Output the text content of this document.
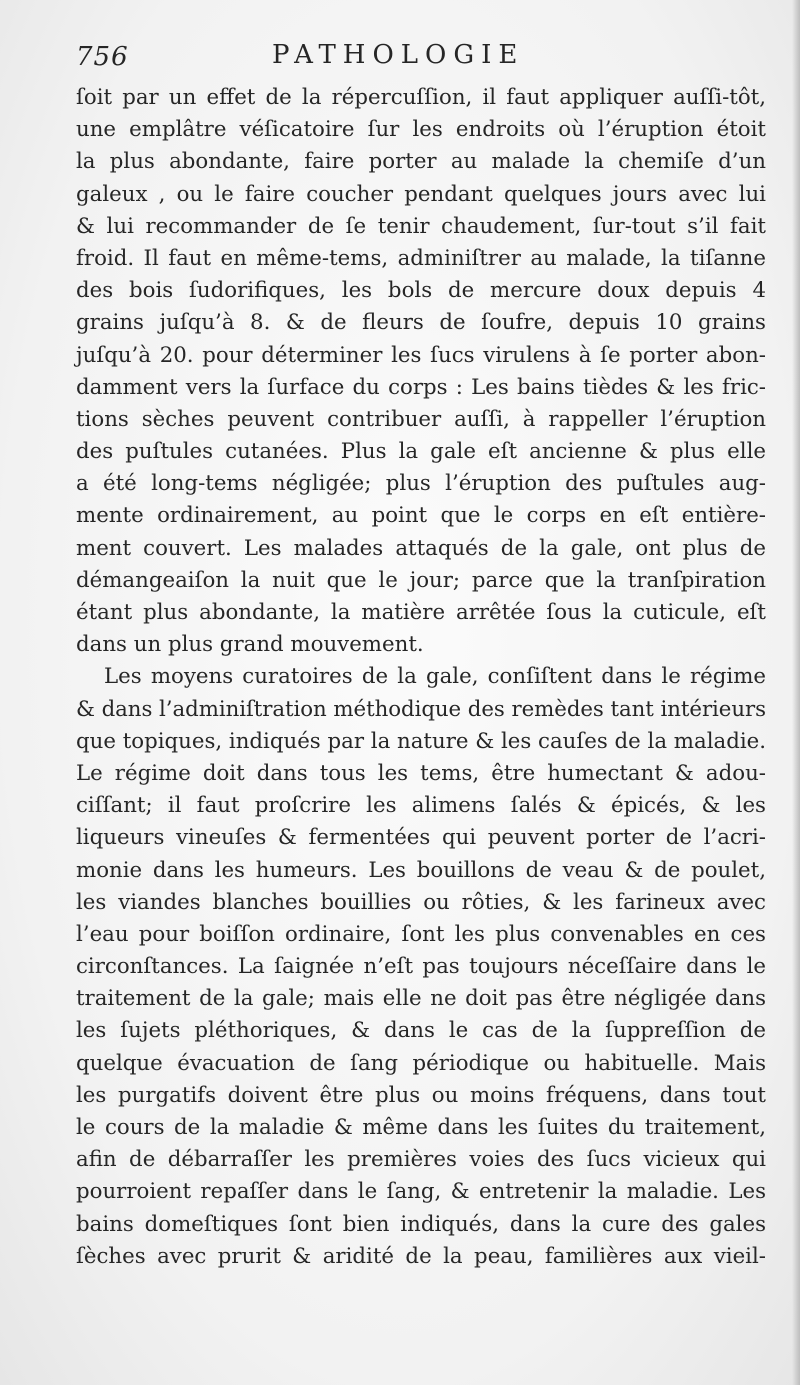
756	PATHOLOGIE
ſoit par un effet de la répercuſſion, il faut appliquer auſſi-tôt,
une emplâtre véſicatoire ſur les endroits où l’éruption étoit
la plus abondante, faire porter au malade la chemiſe d’un
galeux , ou le faire coucher pendant quelques jours avec lui
& lui recommander de ſe tenir chaudement, ſur-tout s’il fait
froid. Il faut en même-tems, adminiſtrer au malade, la tiſanne
des bois ſudorifiques, les bols de mercure doux depuis 4
grains juſqu’à 8. & de fleurs de ſoufre, depuis 10 grains
juſqu’à 20. pour déterminer les ſucs virulens à ſe porter abon-
damment vers la ſurface du corps : Les bains tièdes & les fric-
tions sèches peuvent contribuer auſſi, à rappeller l’éruption
des puſtules cutanées. Plus la gale eſt ancienne & plus elle
a été long-tems négligée; plus l’éruption des puſtules aug-
mente ordinairement, au point que le corps en eſt entière-
ment couvert. Les malades attaqués de la gale, ont plus de
démangeaiſon la nuit que le jour; parce que la tranſpiration
étant plus abondante, la matière arrêtée ſous la cuticule, eſt
dans un plus grand mouvement.
Les moyens curatoires de la gale, conſiſtent dans le régime
& dans l’adminiſtration méthodique des remèdes tant intérieurs
que topiques, indiqués par la nature & les cauſes de la maladie.
Le régime doit dans tous les tems, être humectant & adou-
ciſſant; il faut proſcrire les alimens ſalés & épicés, & les
liqueurs vineuſes & fermentées qui peuvent porter de l’acri-
monie dans les humeurs. Les bouillons de veau & de poulet,
les viandes blanches bouillies ou rôties, & les farineux avec
l’eau pour boiſſon ordinaire, ſont les plus convenables en ces
circonſtances. La ſaignée n’eſt pas toujours néceſſaire dans le
traitement de la gale; mais elle ne doit pas être négligée dans
les ſujets pléthoriques, & dans le cas de la ſuppreſſion de
quelque évacuation de ſang périodique ou habituelle. Mais
les purgatifs doivent être plus ou moins fréquens, dans tout
le cours de la maladie & même dans les ſuites du traitement,
afin de débarraſſer les premières voies des ſucs vicieux qui
pourroient repaſſer dans le ſang, & entretenir la maladie. Les
bains domeſtiques ſont bien indiqués, dans la cure des gales
ſèches avec prurit & aridité de la peau, familières aux vieil-
